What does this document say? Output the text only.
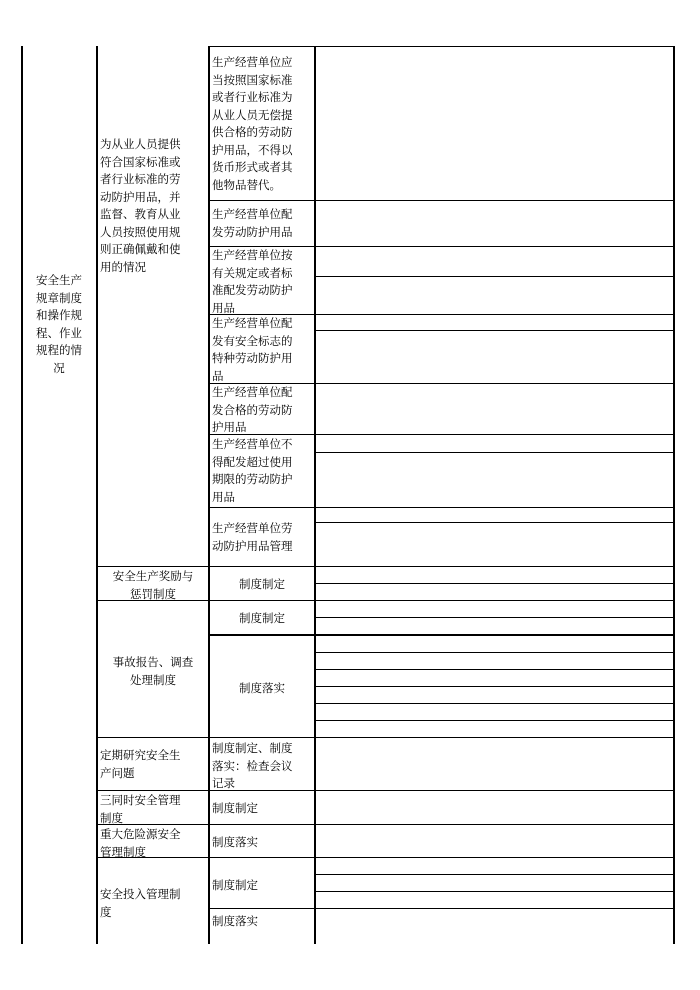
安全生产
规章制度
和操作规
程、作业
规程的情
况
为从业人员提供
符合国家标准或
者行业标准的劳
动防护用品，并
监督、教育从业
人员按照使用规
则正确佩戴和使
用的情况
安全生产奖励与
惩罚制度
事故报告、调查
处理制度
定期研究安全生
产问题
三同时安全管理
制度
重大危险源安全
管理制度
安全投入管理制
度
生产经营单位应
当按照国家标准
或者行业标准为
从业人员无偿提
供合格的劳动防
护用品，不得以
货币形式或者其
他物品替代。
生产经营单位配
发劳动防护用品
生产经营单位按
有关规定或者标
准配发劳动防护
用品
生产经营单位配
发有安全标志的
特种劳动防护用
品
生产经营单位配
发合格的劳动防
护用品
生产经营单位不
得配发超过使用
期限的劳动防护
用品
生产经营单位劳
动防护用品管理
制度制定
制度制定
制度落实
制度制定、制度
落实：检查会议
记录
制度制定
制度落实
制度制定
制度落实
